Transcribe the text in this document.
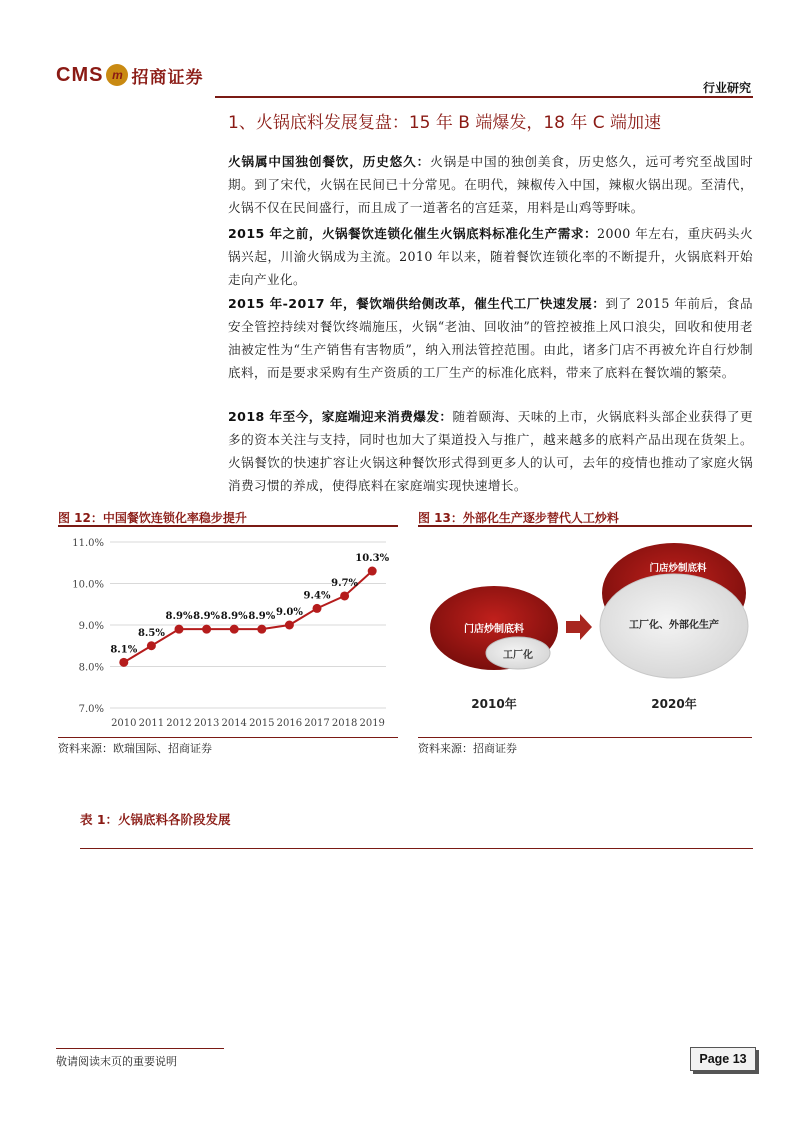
CMS m 招商证券
行业研究
1、火锅底料发展复盘：15 年 B 端爆发，18 年 C 端加速
火锅属中国独创餐饮，历史悠久：火锅是中国的独创美食，历史悠久，远可考究至战国时期。到了宋代，火锅在民间已十分常见。在明代，辣椒传入中国，辣椒火锅出现。至清代，火锅不仅在民间盛行，而且成了一道著名的宫廷菜，用料是山鸡等野味。
2015 年之前，火锅餐饮连锁化催生火锅底料标准化生产需求：2000 年左右，重庆码头火锅兴起，川渝火锅成为主流。2010 年以来，随着餐饮连锁化率的不断提升，火锅底料开始走向产业化。
2015 年-2017 年，餐饮端供给侧改革，催生代工厂快速发展：到了 2015 年前后，食品安全管控持续对餐饮终端施压，火锅“老油、回收油”的管控被推上风口浪尖，回收和使用老油被定性为“生产销售有害物质”，纳入刑法管控范围。由此，诸多门店不再被允许自行炒制底料，而是要求采购有生产资质的工厂生产的标准化底料，带来了底料在餐饮端的繁荣。
2018 年至今，家庭端迎来消费爆发：随着颐海、天味的上市，火锅底料头部企业获得了更多的资本关注与支持，同时也加大了渠道投入与推广，越来越多的底料产品出现在货架上。火锅餐饮的快速扩容让火锅这种餐饮形式得到更多人的认可，去年的疫情也推动了家庭火锅消费习惯的养成，使得底料在家庭端实现快速增长。
图 12：中国餐饮连锁化率稳步提升
7.0%
8.0%
9.0%
10.0%
11.0%
2010 2011 2012 2013 2014 2015 2016 2017 2018 2019
8.1%
8.5%
8.9% 8.9% 8.9% 8.9% 9.0%
9.4%
9.7%
10.3%
资料来源：欧瑞国际、招商证券
图 13：外部化生产逐步替代人工炒料
门店炒制底料
工厂化
门店炒制底料
工厂化、外部化生产
2010年	2020年
资料来源：招商证券
表 1：火锅底料各阶段发展
敬请阅读末页的重要说明	Page 13
